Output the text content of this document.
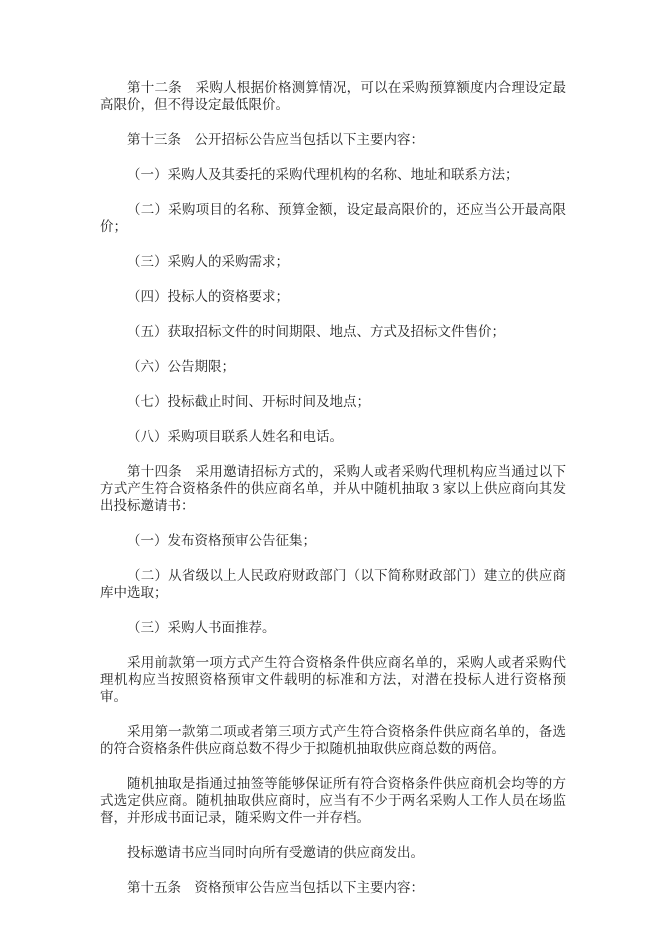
第十二条　采购人根据价格测算情况，可以在采购预算额度内合理设定最高限价，但不得设定最低限价。

第十三条　公开招标公告应当包括以下主要内容：

（一）采购人及其委托的采购代理机构的名称、地址和联系方法；

（二）采购项目的名称、预算金额，设定最高限价的，还应当公开最高限价；

（三）采购人的采购需求；

（四）投标人的资格要求；

（五）获取招标文件的时间期限、地点、方式及招标文件售价；

（六）公告期限；

（七）投标截止时间、开标时间及地点；

（八）采购项目联系人姓名和电话。

第十四条　采用邀请招标方式的，采购人或者采购代理机构应当通过以下方式产生符合资格条件的供应商名单，并从中随机抽取 3 家以上供应商向其发出投标邀请书：

（一）发布资格预审公告征集；

（二）从省级以上人民政府财政部门（以下简称财政部门）建立的供应商库中选取；

（三）采购人书面推荐。

采用前款第一项方式产生符合资格条件供应商名单的，采购人或者采购代理机构应当按照资格预审文件载明的标准和方法，对潜在投标人进行资格预审。

采用第一款第二项或者第三项方式产生符合资格条件供应商名单的，备选的符合资格条件供应商总数不得少于拟随机抽取供应商总数的两倍。

随机抽取是指通过抽签等能够保证所有符合资格条件供应商机会均等的方式选定供应商。随机抽取供应商时，应当有不少于两名采购人工作人员在场监督，并形成书面记录，随采购文件一并存档。

投标邀请书应当同时向所有受邀请的供应商发出。

第十五条　资格预审公告应当包括以下主要内容：
